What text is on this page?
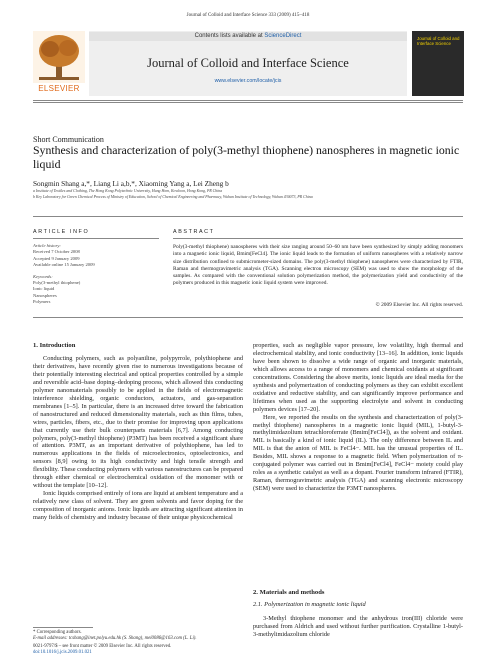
Journal of Colloid and Interface Science 333 (2009) 415–418
ELSEVIER
Contents lists available at ScienceDirect
Journal of Colloid and Interface Science
www.elsevier.com/locate/jcis
Journal of Colloid and Interface Science
Short Communication
Synthesis and characterization of poly(3-methyl thiophene) nanospheres in magnetic ionic liquid
Songmin Shang a,*, Liang Li a,b,*, Xiaoming Yang a, Lei Zheng b
a Institute of Textiles and Clothing, The Hong Kong Polytechnic University, Hung Hom, Kowloon, Hong Kong, PR China
b Key Laboratory for Green Chemical Process of Ministry of Education, School of Chemical Engineering and Pharmacy, Wuhan Institute of Technology, Wuhan 430073, PR China
ARTICLE INFO	ABSTRACT
Article history:
Received 7 October 2008
Accepted 9 January 2009
Available online 15 January 2009
Keywords:
Poly(3-methyl thiophene)
Ionic liquid
Nanospheres
Polymers
Poly(3-methyl thiophene) nanospheres with their size ranging around 50–60 nm have been synthesized by simply adding monomers into a magnetic ionic liquid, Bmim[FeCl4]. The ionic liquid leads to the formation of uniform nanospheres with a relatively narrow size distribution confined to submicrometer-sized domains. The poly(3-methyl thiophene) nanospheres were characterized by FTIR, Raman and thermogravimetric analysis (TGA). Scanning electron microscopy (SEM) was used to show the morphology of the samples. As compared with the conventional solution polymerization method, the polymerization yield and conductivity of the polymers produced in this magnetic ionic liquid system were improved.
© 2009 Elsevier Inc. All rights reserved.
1. Introduction

Conducting polymers, such as polyaniline, polypyrrole, polythiophene and their derivatives, have recently given rise to numerous investigations because of their potentially interesting electrical and optical properties controlled by a simple and reversible acid–base doping–dedoping process, which allowed this conducting polymer nanomaterials possibly to be applied in the fields of electromagnetic interference shielding, organic conductors, actuators, and gas-separation membranes [1–5]. In particular, there is an increased drive toward the fabrication of nanostructured and reduced dimensionality materials, such as thin films, tubes, wires, particles, fibers, etc., due to their promise for improving upon applications that currently use their bulk counterparts materials [6,7]. Among conducting polymers, poly(3-methyl thiophene) (P3MT) has been received a significant share of attention. P3MT, as an important derivative of polythiophene, has led to numerous applications in the fields of microelectronics, optoelectronics, and sensors [8,9] owing to its high conductivity and high tensile strength and flexibility. These conducting polymers with various nanostructures can be prepared through either chemical or electrochemical oxidation of the monomer with or without the template [10–12].

Ionic liquids comprised entirely of ions are liquid at ambient temperature and a relatively new class of solvent. They are green solvents and favor doping for the composition of inorganic anions. Ionic liquids are attracting significant attention in many fields of chemistry and industry because of their unique physicochemical

properties, such as negligible vapor pressure, low volatility, high thermal and electrochemical stability, and ionic conductivity [13–16]. In addition, ionic liquids have been shown to dissolve a wide range of organic and inorganic materials, which allows access to a range of monomers and chemical oxidants at significant concentrations. Considering the above merits, ionic liquids are ideal media for the synthesis and polymerization of conducting polymers as they can exhibit excellent oxidative and reductive stability, and can significantly improve performance and lifetimes when used as the supporting electrolyte and solvent in conducting polymers devices [17–20].

Here, we reported the results on the synthesis and characterization of poly(3-methyl thiophene) nanospheres in a magnetic ionic liquid (MIL), 1-butyl-3-methylimidazolium tetrachloroferrate (Bmim[FeCl4]), as the solvent and oxidant. MIL is basically a kind of ionic liquid (IL). The only difference between IL and MIL is that the anion of MIL is FeCl4−. MIL has the unusual properties of IL. Besides, MIL shows a response to a magnetic field. When polymerization of π-conjugated polymer was carried out in Bmim[FeCl4], FeCl4− moiety could play roles as a synthetic catalyst as well as a dopant. Fourier transform infrared (FTIR), Raman, thermogravimetric analysis (TGA) and scanning electronic microscopy (SEM) were used to characterize the P3MT nanospheres.

2. Materials and methods
2.1. Polymerization in magnetic ionic liquid

3-Methyl thiophene monomer and the anhydrous iron(III) chloride were purchased from Aldrich and used without further purification. Crystalline 1-butyl-3-methylimidazolium chloride

* Corresponding authors.
E-mail addresses: tcshang@inet.polyu.edu.hk (S. Shang), mei0086@163.com (L. Li).
0021-9797/$ – see front matter © 2009 Elsevier Inc. All rights reserved.
doi:10.1016/j.jcis.2009.01.021
